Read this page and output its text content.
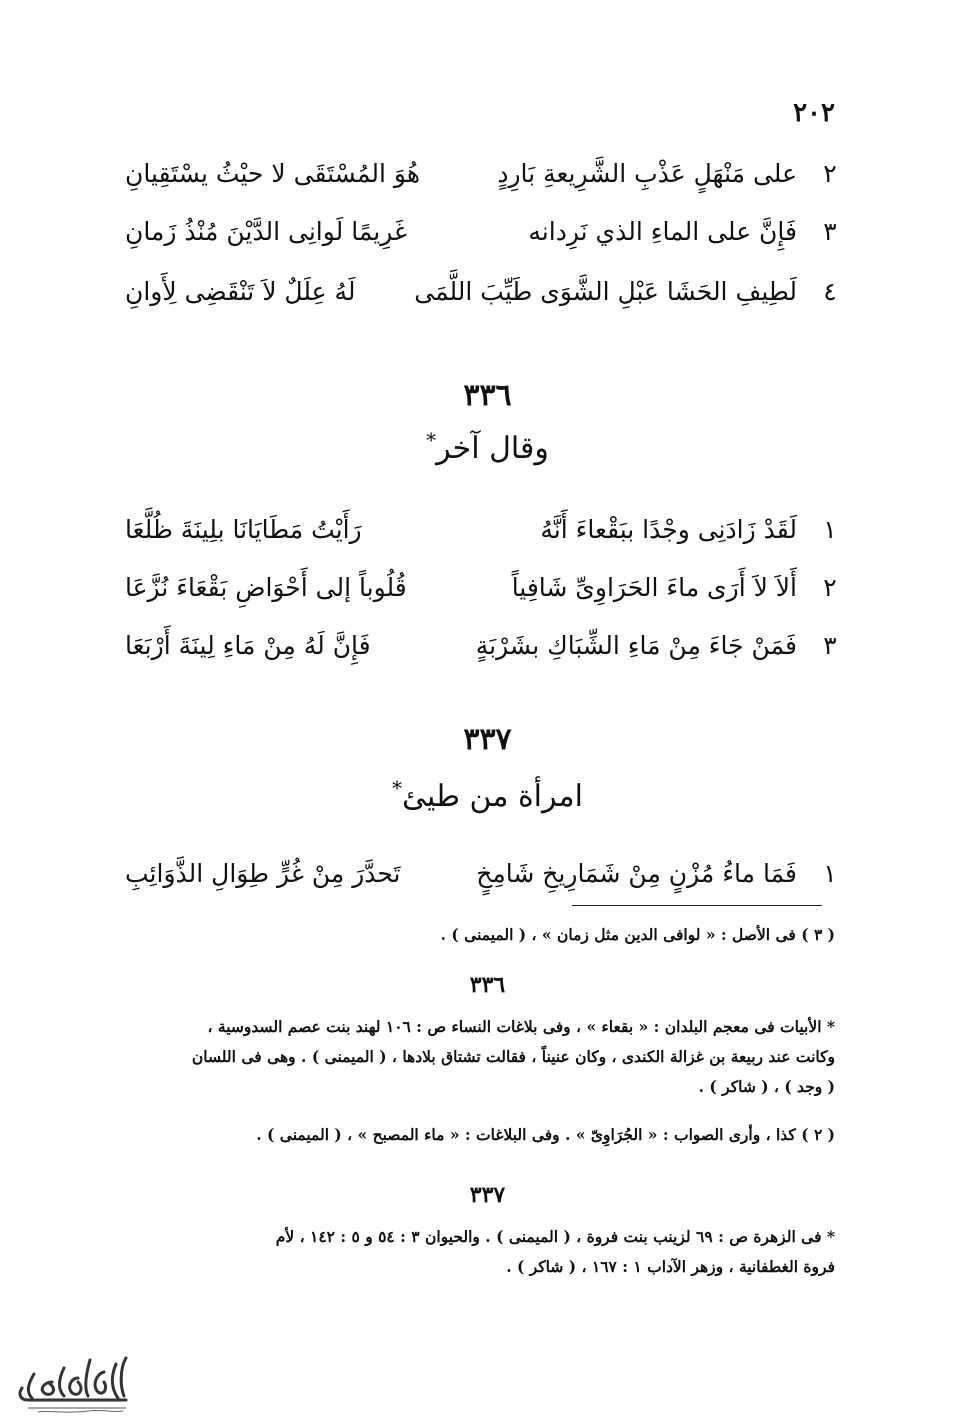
٢٠٢
٢
على مَنْهَلٍ عَذْبِ الشَّرِيعةِ بَارِدٍ
هُوَ المُسْتَقَى لا حيْثُ يسْتَقِيانِ
٣
فَإِنَّ على الماءِ الذي نَرِدانه
غَرِيمًا لَوانِى الدَّيْنَ مُنْذُ زَمانِ
٤
لَطِيفِ الحَشَا عَبْلِ الشَّوَى طَيِّبَ اللَّمَى
لَهُ عِلَلٌ لاَ تَنْقَضِى لِأَوانِ
٣٣٦
وقال آخر*
١
لَقَدْ زَادَنِى وجْدًا ببَقْعاءَ أَنَّهُ
رَأَيْتُ مَطَايَانَا بلِينَةَ ظُلَّعَا
٢
أَلاَ لاَ أَرَى ماءَ الحَرَاوِىِّ شَافِياً
قُلُوباً إلى أَحْوَاضِ بَقْعَاءَ نُزَّعَا
٣
فَمَنْ جَاءَ مِنْ مَاءِ الشِّبَاكِ بشَرْبَةٍ
فَإِنَّ لَهُ مِنْ مَاءِ لِينَةَ أَرْبَعَا
٣٣٧
امرأة من طيئ*
١
فَمَا ماءُ مُزْنٍ مِنْ شَمَارِيخِ شَامِخٍ
تَحدَّرَ مِنْ غُرٍّ طِوَالِ الذَّوَائِبِ
( ٣ ) فى الأصل : « لوافى الدين مثل زمان » ، ( الميمنى ) .
٣٣٦
* الأبيات فى معجم البلدان : « بقعاء » ، وفى بلاغات النساء ص : ١٠٦ لهند بنت عصم السدوسية ،
وكانت عند ربيعة بن غزالة الكندى ، وكان عنيناً ، فقالت تشتاق بلادها ، ( الميمنى ) . وهى فى اللسان
( وجد ) ، ( شاكر ) .
( ٢ ) كذا ، وأرى الصواب : « الجُرَاوِىّ » . وفى البلاغات : « ماء المصبح » ، ( الميمنى ) .
٣٣٧
* فى الزهرة ص : ٦٩ لزينب بنت فروة ، ( الميمنى ) . والحيوان ٣ : ٥٤ و ٥ : ١٤٢ ، لأم
فروة الغطفانية ، وزهر الآداب ١ : ١٦٧ ، ( شاكر ) .
